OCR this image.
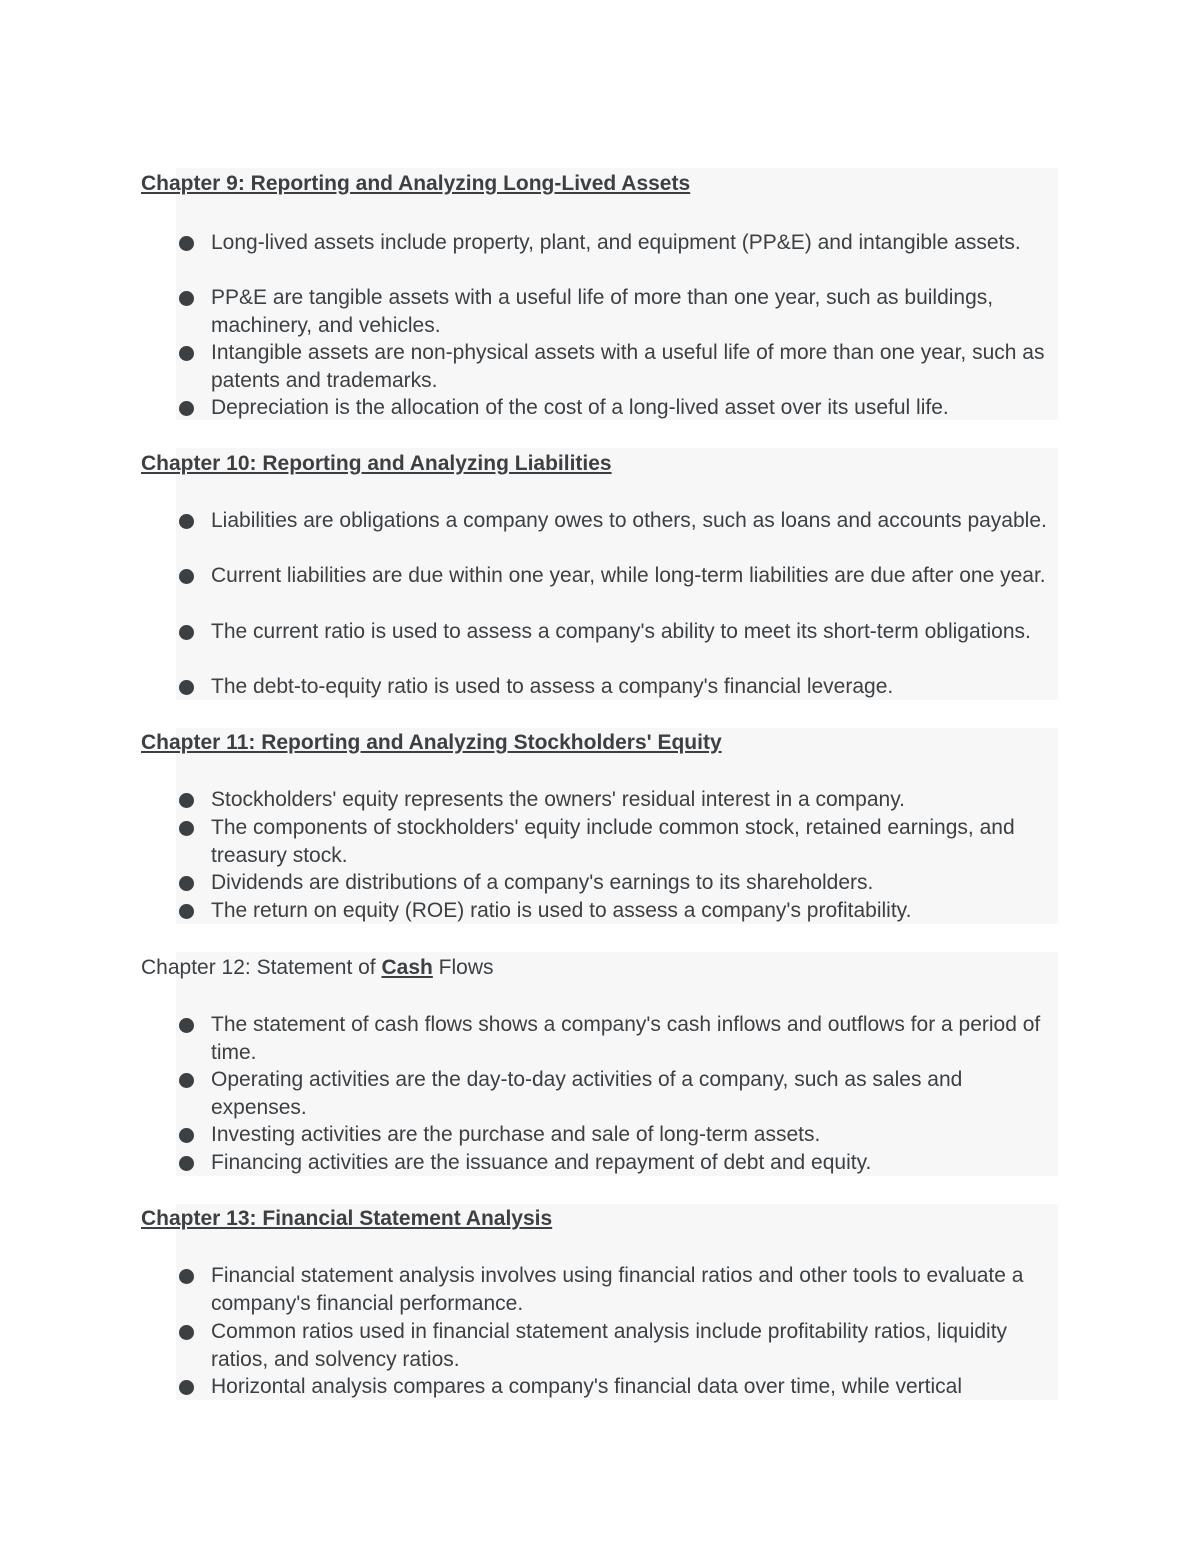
Chapter 9: Reporting and Analyzing Long-Lived Assets
Long-lived assets include property, plant, and equipment (PP&E) and intangible assets.
PP&E are tangible assets with a useful life of more than one year, such as buildings, machinery, and vehicles.
Intangible assets are non-physical assets with a useful life of more than one year, such as patents and trademarks.
Depreciation is the allocation of the cost of a long-lived asset over its useful life.
Chapter 10: Reporting and Analyzing Liabilities
Liabilities are obligations a company owes to others, such as loans and accounts payable.
Current liabilities are due within one year, while long-term liabilities are due after one year.
The current ratio is used to assess a company's ability to meet its short-term obligations.
The debt-to-equity ratio is used to assess a company's financial leverage.
Chapter 11: Reporting and Analyzing Stockholders' Equity
Stockholders' equity represents the owners' residual interest in a company.
The components of stockholders' equity include common stock, retained earnings, and treasury stock.
Dividends are distributions of a company's earnings to its shareholders.
The return on equity (ROE) ratio is used to assess a company's profitability.
Chapter 12: Statement of Cash Flows
The statement of cash flows shows a company's cash inflows and outflows for a period of time.
Operating activities are the day-to-day activities of a company, such as sales and expenses.
Investing activities are the purchase and sale of long-term assets.
Financing activities are the issuance and repayment of debt and equity.
Chapter 13: Financial Statement Analysis
Financial statement analysis involves using financial ratios and other tools to evaluate a company's financial performance.
Common ratios used in financial statement analysis include profitability ratios, liquidity ratios, and solvency ratios.
Horizontal analysis compares a company's financial data over time, while vertical
